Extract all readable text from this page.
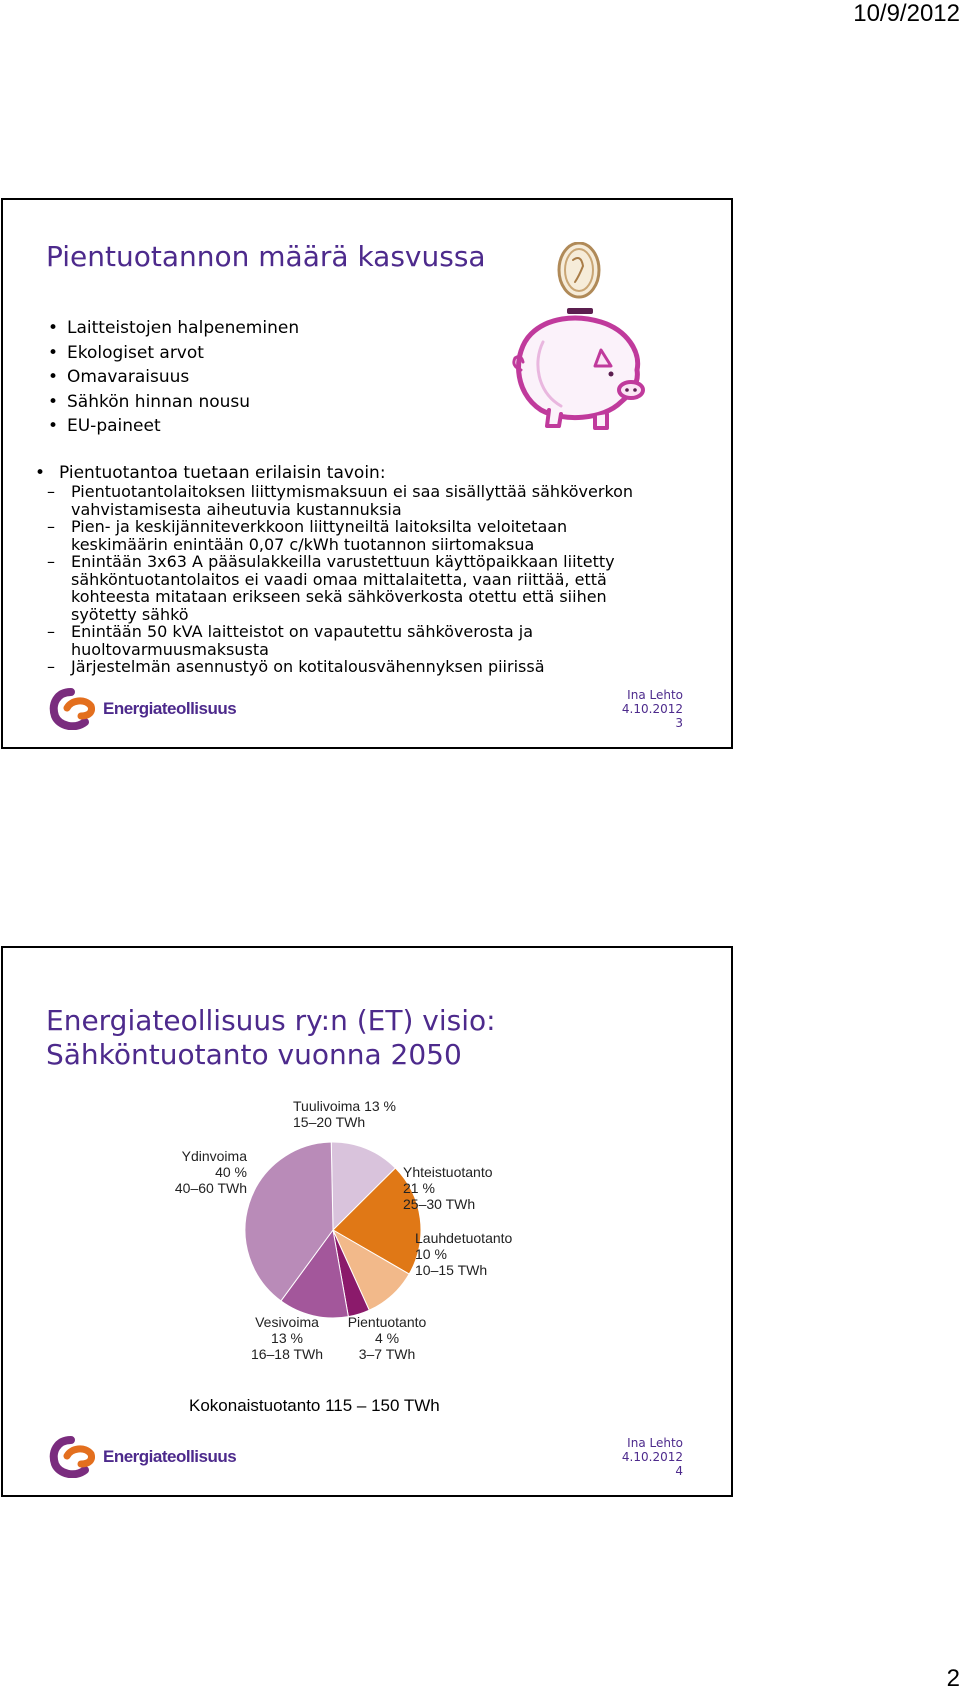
10/9/2012
Pientuotannon määrä kasvussa
• Laitteistojen halpeneminen
• Ekologiset arvot
• Omavaraisuus
• Sähkön hinnan nousu
• EU-paineet
• Pientuotantoa tuetaan erilaisin tavoin:
– Pientuotantolaitoksen liittymismaksuun ei saa sisällyttää sähköverkon vahvistamisesta aiheutuvia kustannuksia
– Pien- ja keskijänniteverkkoon liittyneiltä laitoksilta veloitetaan keskimäärin enintään 0,07 c/kWh tuotannon siirtomaksua
– Enintään 3x63 A pääsulakkeilla varustettuun käyttöpaikkaan liitetty sähköntuotantolaitos ei vaadi omaa mittalaitetta, vaan riittää, että kohteesta mitataan erikseen sekä sähköverkosta otettu että siihen syötetty sähkö
– Enintään 50 kVA laitteistot on vapautettu sähköverosta ja huoltovarmuusmaksusta
– Järjestelmän asennustyö on kotitalousvähennyksen piirissä
Energiateollisuus
Ina Lehto
4.10.2012
3
Energiateollisuus ry:n (ET) visio:
Sähköntuotanto vuonna 2050
Tuulivoima 13 %
15–20 TWh
Ydinvoima
40 %
40–60 TWh
Yhteistuotanto
21 %
25–30 TWh
Lauhdetuotanto
10 %
10–15 TWh
Vesivoima
13 %
16–18 TWh
Pientuotanto
4 %
3–7 TWh
Kokonaistuotanto 115 – 150 TWh
Energiateollisuus
Ina Lehto
4.10.2012
4
2
